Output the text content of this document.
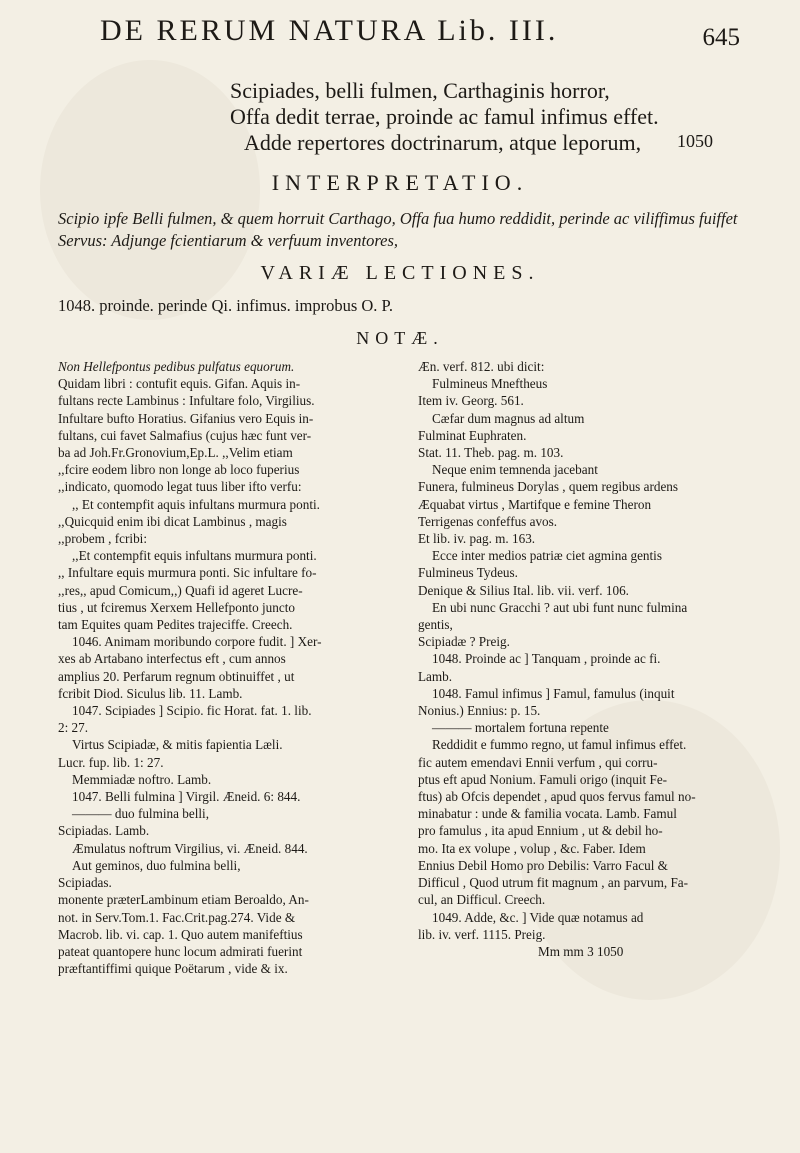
DE RERUM NATURA Lib. III.	645
Scipiades, belli fulmen, Carthaginis horror,
Offa dedit terrae, proinde ac famul infimus effet.
Adde repertores doctrinarum, atque leporum,	1050
INTERPRETATIO.
Scipio ipfe Belli fulmen, & quem horruit Carthago, Offa fua humo reddidit, perinde ac viliffimus fuiffet Servus: Adjunge fcientiarum & verfuum inventores,
VARIÆ LECTIONES.
1048. proinde. perinde Qi. infimus. improbus O. P.
NOTÆ.
Non Hellefpontus pedibus pulfatus equorum.
Quidam libri : contufit equis. Gifan. Aquis in-
fultans recte Lambinus : Infultare folo, Virgilius.
Infultare bufto Horatius. Gifanius vero Equis in-
fultans, cui favet Salmafius (cujus hæc funt ver-
ba ad Joh.Fr.Gronovium,Ep.L. ,,Velim etiam
,,fcire eodem libro non longe ab loco fuperius
,,indicato, quomodo legat tuus liber ifto verfu:
,, Et contempfit aquis infultans murmura ponti.
,,Quicquid enim ibi dicat Lambinus , magis
,,probem , fcribi:
,,Et contempfit equis infultans murmura ponti.
,, Infultare equis murmura ponti. Sic infultare fo-
,,res,, apud Comicum,,) Quafi id ageret Lucre-
tius , ut fciremus Xerxem Hellefponto juncto
tam Equites quam Pedites trajeciffe. Creech.
1046. Animam moribundo corpore fudit. ] Xer-
xes ab Artabano interfectus eft , cum annos
amplius 20. Perfarum regnum obtinuiffet , ut
fcribit Diod. Siculus lib. 11. Lamb.
1047. Scipiades ] Scipio. fic Horat. fat. 1. lib.
2: 27.
Virtus Scipiadæ, & mitis fapientia Læli.
Lucr. fup. lib. 1: 27.
Memmiadæ noftro. Lamb.
1047. Belli fulmina ] Virgil. Æneid. 6: 844.
——— duo fulmina belli,
Scipiadas. Lamb.
Æmulatus noftrum Virgilius, vi. Æneid. 844.
Aut geminos, duo fulmina belli,
Scipiadas.
monente præterLambinum etiam Beroaldo, An-
not. in Serv.Tom.1. Fac.Crit.pag.274. Vide &
Macrob. lib. vi. cap. 1. Quo autem manifeftius
pateat quantopere hunc locum admirati fuerint
præftantiffimi quique Poëtarum , vide & ix.
Æn. verf. 812. ubi dicit:
Fulmineus Mneftheus
Item iv. Georg. 561.
Cæfar dum magnus ad altum
Fulminat Euphraten.
Stat. 11. Theb. pag. m. 103.
Neque enim temnenda jacebant
Funera, fulmineus Dorylas , quem regibus ardens
Æquabat virtus , Martifque e femine Theron
Terrigenas confeffus avos.
Et lib. iv. pag. m. 163.
Ecce inter medios patriæ ciet agmina gentis
Fulmineus Tydeus.
Denique & Silius Ital. lib. vii. verf. 106.
En ubi nunc Gracchi ? aut ubi funt nunc fulmina
gentis,
Scipiadæ ? Preig.
1048. Proinde ac ] Tanquam , proinde ac fi.
Lamb.
1048. Famul infimus ] Famul, famulus (inquit
Nonius.) Ennius: p. 15.
——— mortalem fortuna repente
Reddidit e fummo regno, ut famul infimus effet.
fic autem emendavi Ennii verfum , qui corru-
ptus eft apud Nonium. Famuli origo (inquit Fe-
ftus) ab Ofcis dependet , apud quos fervus famul no-
minabatur : unde & familia vocata. Lamb. Famul
pro famulus , ita apud Ennium , ut & debil ho-
mo. Ita ex volupe , volup , &c. Faber. Idem
Ennius Debil Homo pro Debilis: Varro Facul &
Difficul , Quod utrum fit magnum , an parvum, Fa-
cul, an Difficul. Creech.
1049. Adde, &c. ] Vide quæ notamus ad
lib. iv. verf. 1115. Preig.
Mm mm 3 1050
